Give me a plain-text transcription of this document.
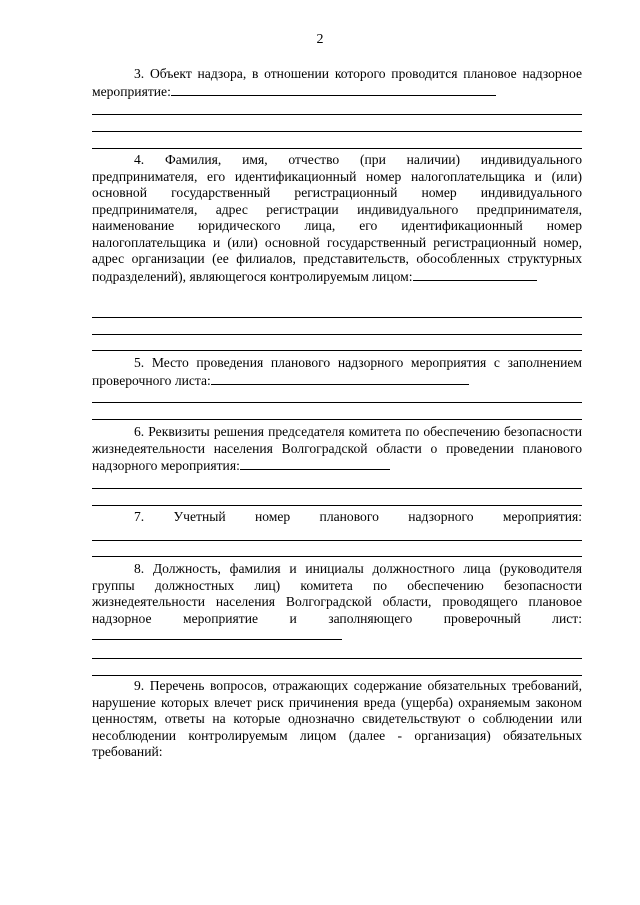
2

3. Объект надзора, в отношении которого проводится плановое надзорное мероприятие:

4. Фамилия, имя, отчество (при наличии) индивидуального предпринимателя, его идентификационный номер налогоплательщика и (или) основной государственный регистрационный номер индивидуального предпринимателя, адрес регистрации индивидуального предпринимателя, наименование юридического лица, его идентификационный номер налогоплательщика и (или) основной государственный регистрационный номер, адрес организации (ее филиалов, представительств, обособленных структурных подразделений), являющегося контролируемым лицом:

5. Место проведения планового надзорного мероприятия с заполнением проверочного листа:

6. Реквизиты решения председателя комитета по обеспечению безопасности жизнедеятельности населения Волгоградской области о проведении планового надзорного мероприятия:

7. Учетный номер планового надзорного мероприятия:

8. Должность, фамилия и инициалы должностного лица (руководителя группы должностных лиц) комитета по обеспечению безопасности жизнедеятельности населения Волгоградской области, проводящего плановое надзорное мероприятие и заполняющего проверочный лист:

9. Перечень вопросов, отражающих содержание обязательных требований, нарушение которых влечет риск причинения вреда (ущерба) охраняемым законом ценностям, ответы на которые однозначно свидетельствуют о соблюдении или несоблюдении контролируемым лицом (далее - организация) обязательных требований:
